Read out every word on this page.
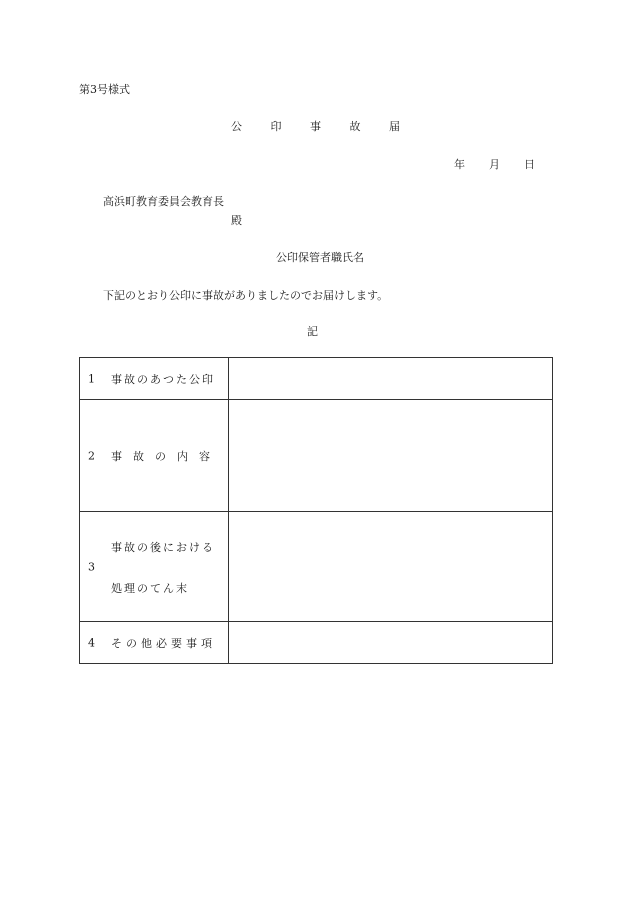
第3号様式
公	印	事	故	届
年 月 日
高浜町教育委員会教育長
殿
公印保管者職氏名
下記のとおり公印に事故がありましたのでお届けします。
記
1 事故のあつた公印	

2 事故の内容	

3
事故の後における
処理のてん末	

4 その他必要事項	
